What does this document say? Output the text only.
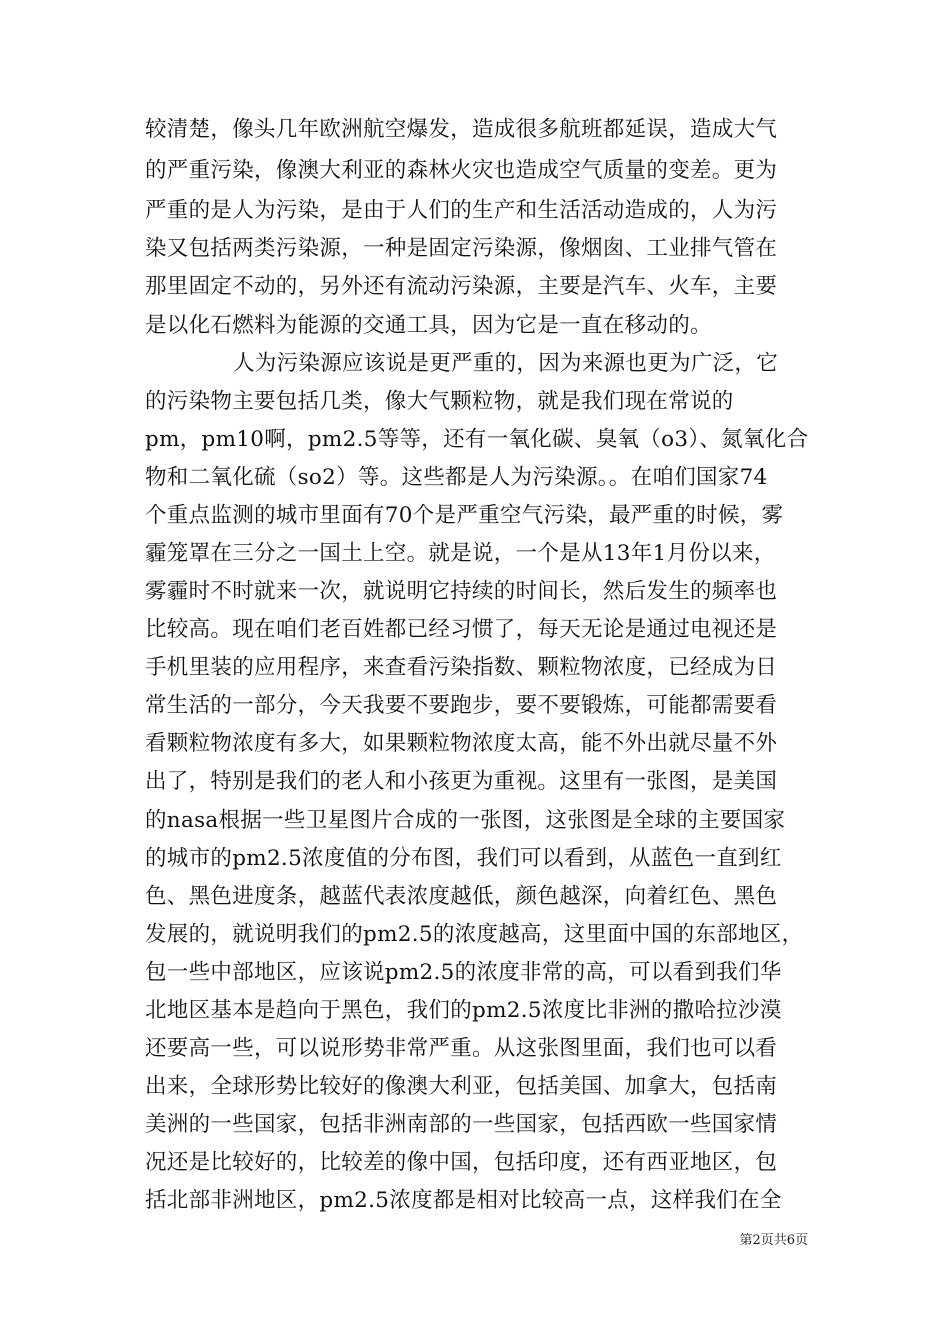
较清楚，像头几年欧洲航空爆发，造成很多航班都延误，造成大气
的严重污染，像澳大利亚的森林火灾也造成空气质量的变差。更为
严重的是人为污染，是由于人们的生产和生活活动造成的，人为污
染又包括两类污染源，一种是固定污染源，像烟囱、工业排气管在
那里固定不动的，另外还有流动污染源，主要是汽车、火车，主要
是以化石燃料为能源的交通工具，因为它是一直在移动的。
人为污染源应该说是更严重的，因为来源也更为广泛，它
的污染物主要包括几类，像大气颗粒物，就是我们现在常说的
pm，pm10啊，pm2.5等等，还有一氧化碳、臭氧（o3）、氮氧化合
物和二氧化硫（so2）等。这些都是人为污染源。。在咱们国家74
个重点监测的城市里面有70个是严重空气污染，最严重的时候，雾
霾笼罩在三分之一国土上空。就是说，一个是从13年1月份以来，
雾霾时不时就来一次，就说明它持续的时间长，然后发生的频率也
比较高。现在咱们老百姓都已经习惯了，每天无论是通过电视还是
手机里装的应用程序，来查看污染指数、颗粒物浓度，已经成为日
常生活的一部分，今天我要不要跑步，要不要锻炼，可能都需要看
看颗粒物浓度有多大，如果颗粒物浓度太高，能不外出就尽量不外
出了，特别是我们的老人和小孩更为重视。这里有一张图，是美国
的nasa根据一些卫星图片合成的一张图，这张图是全球的主要国家
的城市的pm2.5浓度值的分布图，我们可以看到，从蓝色一直到红
色、黑色进度条，越蓝代表浓度越低，颜色越深，向着红色、黑色
发展的，就说明我们的pm2.5的浓度越高，这里面中国的东部地区，
包一些中部地区，应该说pm2.5的浓度非常的高，可以看到我们华
北地区基本是趋向于黑色，我们的pm2.5浓度比非洲的撒哈拉沙漠
还要高一些，可以说形势非常严重。从这张图里面，我们也可以看
出来，全球形势比较好的像澳大利亚，包括美国、加拿大，包括南
美洲的一些国家，包括非洲南部的一些国家，包括西欧一些国家情
况还是比较好的，比较差的像中国，包括印度，还有西亚地区，包
括北部非洲地区，pm2.5浓度都是相对比较高一点，这样我们在全
第2页共6页
